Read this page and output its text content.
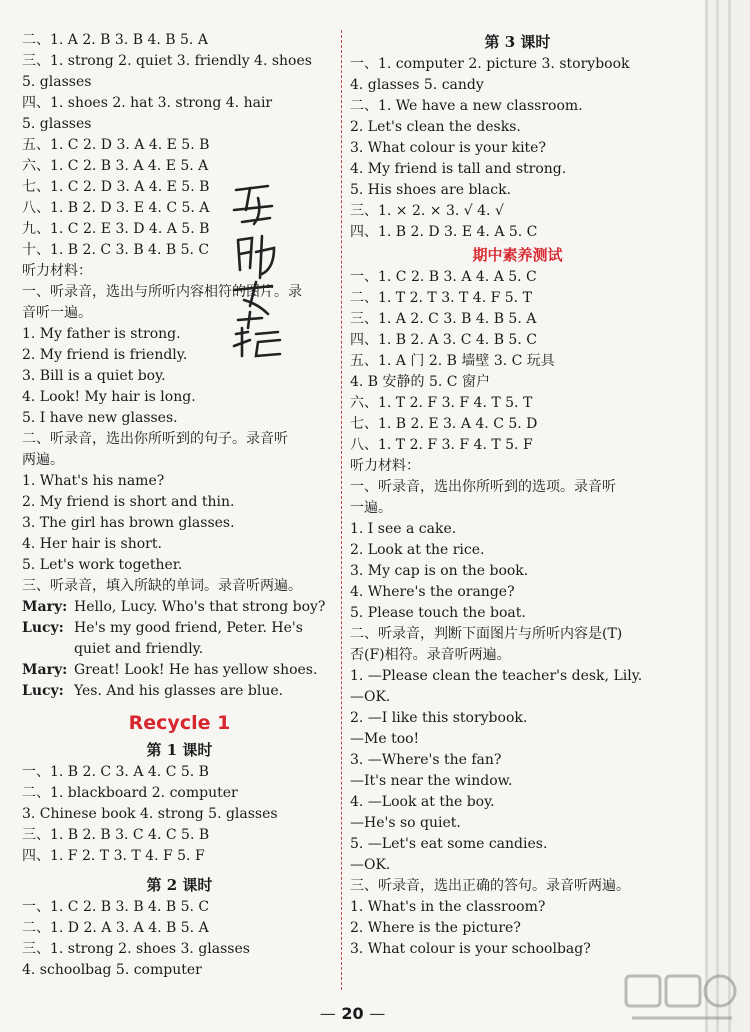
二、1. A 2. B 3. B 4. B 5. A
三、1. strong 2. quiet 3. friendly 4. shoes
5. glasses
四、1. shoes 2. hat 3. strong 4. hair
5. glasses
五、1. C 2. D 3. A 4. E 5. B
六、1. C 2. B 3. A 4. E 5. A
七、1. C 2. D 3. A 4. E 5. B
八、1. B 2. D 3. E 4. C 5. A
九、1. C 2. E 3. D 4. A 5. B
十、1. B 2. C 3. B 4. B 5. C
听力材料：
一、听录音，选出与所听内容相符的图片。录
音听一遍。
1. My father is strong.
2. My friend is friendly.
3. Bill is a quiet boy.
4. Look! My hair is long.
5. I have new glasses.
二、听录音，选出你所听到的句子。录音听
两遍。
1. What's his name?
2. My friend is short and thin.
3. The girl has brown glasses.
4. Her hair is short.
5. Let's work together.
三、听录音，填入所缺的单词。录音听两遍。
Mary: Hello, Lucy. Who's that strong boy?
Lucy: He's my good friend, Peter. He's quiet and friendly.
Mary: Great! Look! He has yellow shoes.
Lucy: Yes. And his glasses are blue.
Recycle 1
第 1 课时
一、1. B 2. C 3. A 4. C 5. B
二、1. blackboard 2. computer
3. Chinese book 4. strong 5. glasses
三、1. B 2. B 3. C 4. C 5. B
四、1. F 2. T 3. T 4. F 5. F
第 2 课时
一、1. C 2. B 3. B 4. B 5. C
二、1. D 2. A 3. A 4. B 5. A
三、1. strong 2. shoes 3. glasses
4. schoolbag 5. computer
第 3 课时
一、1. computer 2. picture 3. storybook
4. glasses 5. candy
二、1. We have a new classroom.
2. Let's clean the desks.
3. What colour is your kite?
4. My friend is tall and strong.
5. His shoes are black.
三、1. × 2. × 3. √ 4. √
四、1. B 2. D 3. E 4. A 5. C
期中素养测试
一、1. C 2. B 3. A 4. A 5. C
二、1. T 2. T 3. T 4. F 5. T
三、1. A 2. C 3. B 4. B 5. A
四、1. B 2. A 3. C 4. B 5. C
五、1. A 门 2. B 墙壁 3. C 玩具
4. B 安静的 5. C 窗户
六、1. T 2. F 3. F 4. T 5. T
七、1. B 2. E 3. A 4. C 5. D
八、1. T 2. F 3. F 4. T 5. F
听力材料：
一、听录音，选出你所听到的选项。录音听
一遍。
1. I see a cake.
2. Look at the rice.
3. My cap is on the book.
4. Where's the orange?
5. Please touch the boat.
二、听录音，判断下面图片与所听内容是(T)
否(F)相符。录音听两遍。
1. —Please clean the teacher's desk, Lily.
—OK.
2. —I like this storybook.
—Me too!
3. —Where's the fan?
—It's near the window.
4. —Look at the boy.
—He's so quiet.
5. —Let's eat some candies.
—OK.
三、听录音，选出正确的答句。录音听两遍。
1. What's in the classroom?
2. Where is the picture?
3. What colour is your schoolbag?
— 20 —
